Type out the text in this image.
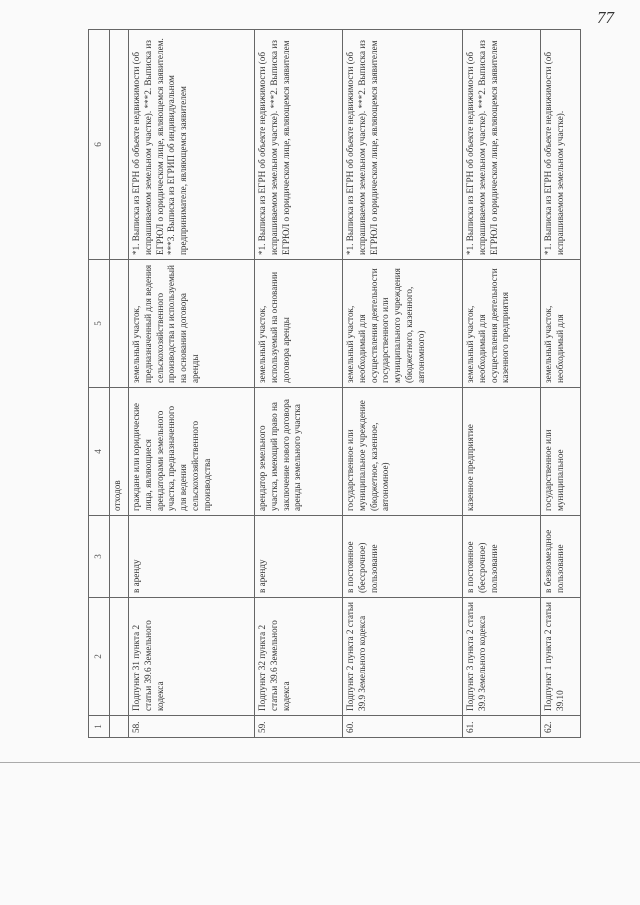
77
1	2	3	4	5	6
			отходов		
58.	Подпункт 31 пункта 2 статьи 39.6 Земельного кодекса	в аренду	граждане или юридические лица, являющиеся арендаторами земельного участка, предназначенного для ведения сельскохозяйственного производства	земельный участок, предназначенный для ведения сельскохозяйственного производства и используемый на основании договора аренды	*1. Выписка из ЕГРН об объекте недвижимости (об испрашиваемом земельном участке). ***2. Выписка из ЕГРЮЛ о юридическом лице, являющемся заявителем. ***3. Выписка из ЕГРИП об индивидуальном предпринимателе, являющемся заявителем
59.	Подпункт 32 пункта 2 статьи 39.6 Земельного кодекса	в аренду	арендатор земельного участка, имеющий право на заключение нового договора аренды земельного участка	земельный участок, используемый на основании договора аренды	*1. Выписка из ЕГРН об объекте недвижимости (об испрашиваемом земельном участке). ***2. Выписка из ЕГРЮЛ о юридическом лице, являющемся заявителем
60.	Подпункт 2 пункта 2 статьи 39.9 Земельного кодекса	в постоянное (бессрочное) пользование	государственное или муниципальное учреждение (бюджетное, казенное, автономное)	земельный участок, необходимый для осуществления деятельности государственного или муниципального учреждения (бюджетного, казенного, автономного)	*1. Выписка из ЕГРН об объекте недвижимости (об испрашиваемом земельном участке). ***2. Выписка из ЕГРЮЛ о юридическом лице, являющемся заявителем
61.	Подпункт 3 пункта 2 статьи 39.9 Земельного кодекса	в постоянное (бессрочное) пользование	казенное предприятие	земельный участок, необходимый для осуществления деятельности казенного предприятия	*1. Выписка из ЕГРН об объекте недвижимости (об испрашиваемом земельном участке). ***2. Выписка из ЕГРЮЛ о юридическом лице, являющемся заявителем
62.	Подпункт 1 пункта 2 статьи 39.10	в безвозмездное пользование	государственное или муниципальное	земельный участок, необходимый для	*1. Выписка из ЕГРН об объекте недвижимости (об испрашиваемом земельном участке).
